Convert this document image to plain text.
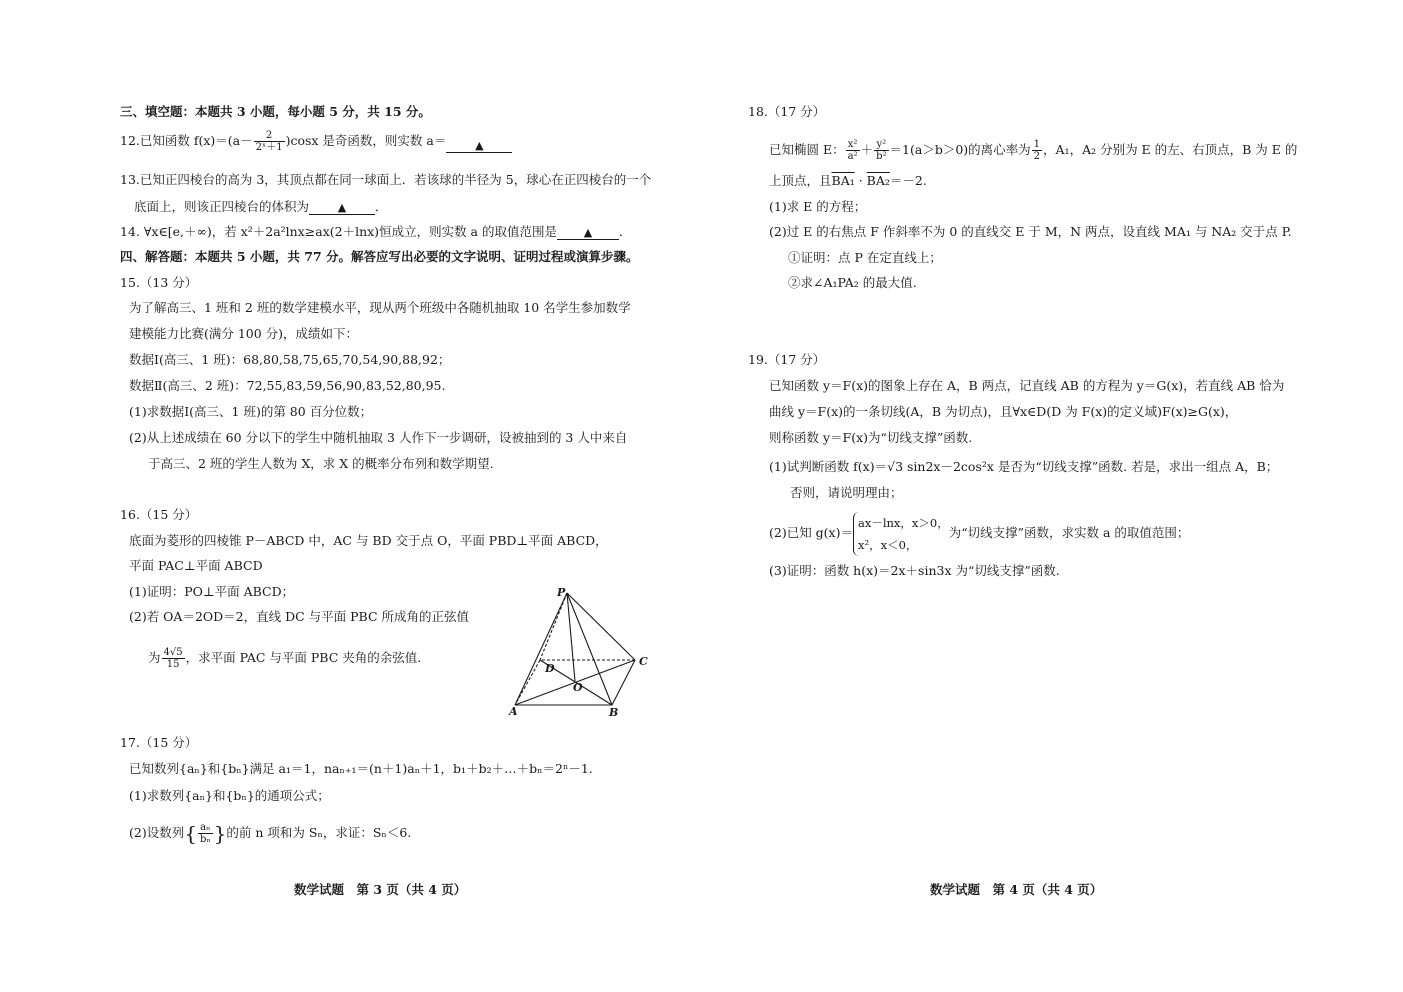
三、填空题：本题共 3 小题，每小题 5 分，共 15 分。
12.已知函数 $f(x)=(a- \frac{2}{\text{2ˣ＋1}} )\cos x$ 是奇函数，则实数 a＝	▲
13.已知正四棱台的高为 3，其顶点都在同一球面上．若该球的半径为 5，球心在正四棱台的一个
底面上，则该正四棱台的体积为	▲ ．
14. ∀x∈[e,＋∞)，若 x²＋2a²lnx≥ax(2＋lnx)恒成立，则实数 a 的取值范围是 ▲ ．
四、解答题：本题共 5 小题，共 77 分。解答应写出必要的文字说明、证明过程或演算步骤。
15.（13 分）
为了解高三、1 班和 2 班的数学建模水平，现从两个班级中各随机抽取 10 名学生参加数学
建模能力比赛(满分 100 分)，成绩如下：
数据Ⅰ(高三、1 班)：68,80,58,75,65,70,54,90,88,92；
数据Ⅱ(高三、2 班)：72,55,83,59,56,90,83,52,80,95.
(1)求数据Ⅰ(高三、1 班)的第 80 百分位数；
(2)从上述成绩在 60 分以下的学生中随机抽取 3 人作下一步调研，设被抽到的 3 人中来自
于高三、2 班的学生人数为 X，求 X 的概率分布列和数学期望.
16.（15 分）
底面为菱形的四棱锥 P－ABCD 中，AC 与 BD 交于点 O，平面 PBD⊥平面 ABCD，
平面 PAC⊥平面 ABCD
(1)证明：PO⊥平面 ABCD；
(2)若 OA＝2OD＝2，直线 DC 与平面 PBC 所成角的正弦值
为 $\frac{4√5}{15}$ ，求平面 PAC 与平面 PBC 夹角的余弦值.
P
A	B
C
D
O
17.（15 分）
已知数列{aₙ}和{bₙ}满足 a₁＝1，naₙ₊₁＝(n＋1)aₙ＋1，b₁＋b₂＋…＋bₙ＝2ⁿ－1.
(1)求数列{aₙ}和{bₙ}的通项公式；
(2)设数列{ $\frac{\text{aₙ}}{\text{bₙ}}$ }的前 n 项和为 Sₙ，求证：Sₙ＜6.
数学试题　第 3 页（共 4 页）
18.（17 分）
已知椭圆 E： $\frac{\text{x²}}{\text{a²}} + \frac{\text{y²}}{\text{b²}} =1(a>b>0)$的离心率为 $\frac{1}{2}$ ，A₁，A₂ 分别为 E 的左、右顶点，B 为 E 的
上顶点，且BA₁ · BA₂＝－2.
(1)求 E 的方程；
(2)过 E 的右焦点 F 作斜率不为 0 的直线交 E 于 M，N 两点，设直线 MA₁ 与 NA₂ 交于点 P.
①证明：点 P 在定直线上；
②求∠A₁PA₂ 的最大值.
19.（17 分）
已知函数 y＝F(x)的图象上存在 A，B 两点，记直线 AB 的方程为 y＝G(x)，若直线 AB 恰为
曲线 y＝F(x)的一条切线(A，B 为切点)，且∀x∈D(D 为 F(x)的定义域)F(x)≥G(x)，
则称函数 y＝F(x)为“切线支撑”函数.
(1)试判断函数 f(x)＝√3 sin2x－2cos²x 是否为“切线支撑”函数. 若是，求出一组点 A，B；
否则，请说明理由；
(2)已知 g(x)＝
ax－lnx，x＞0，
x²，x＜0，
为“切线支撑”函数，求实数 a 的取值范围；
(3)证明：函数 h(x)＝2x＋sin3x 为“切线支撑”函数.
数学试题　第 4 页（共 4 页）
